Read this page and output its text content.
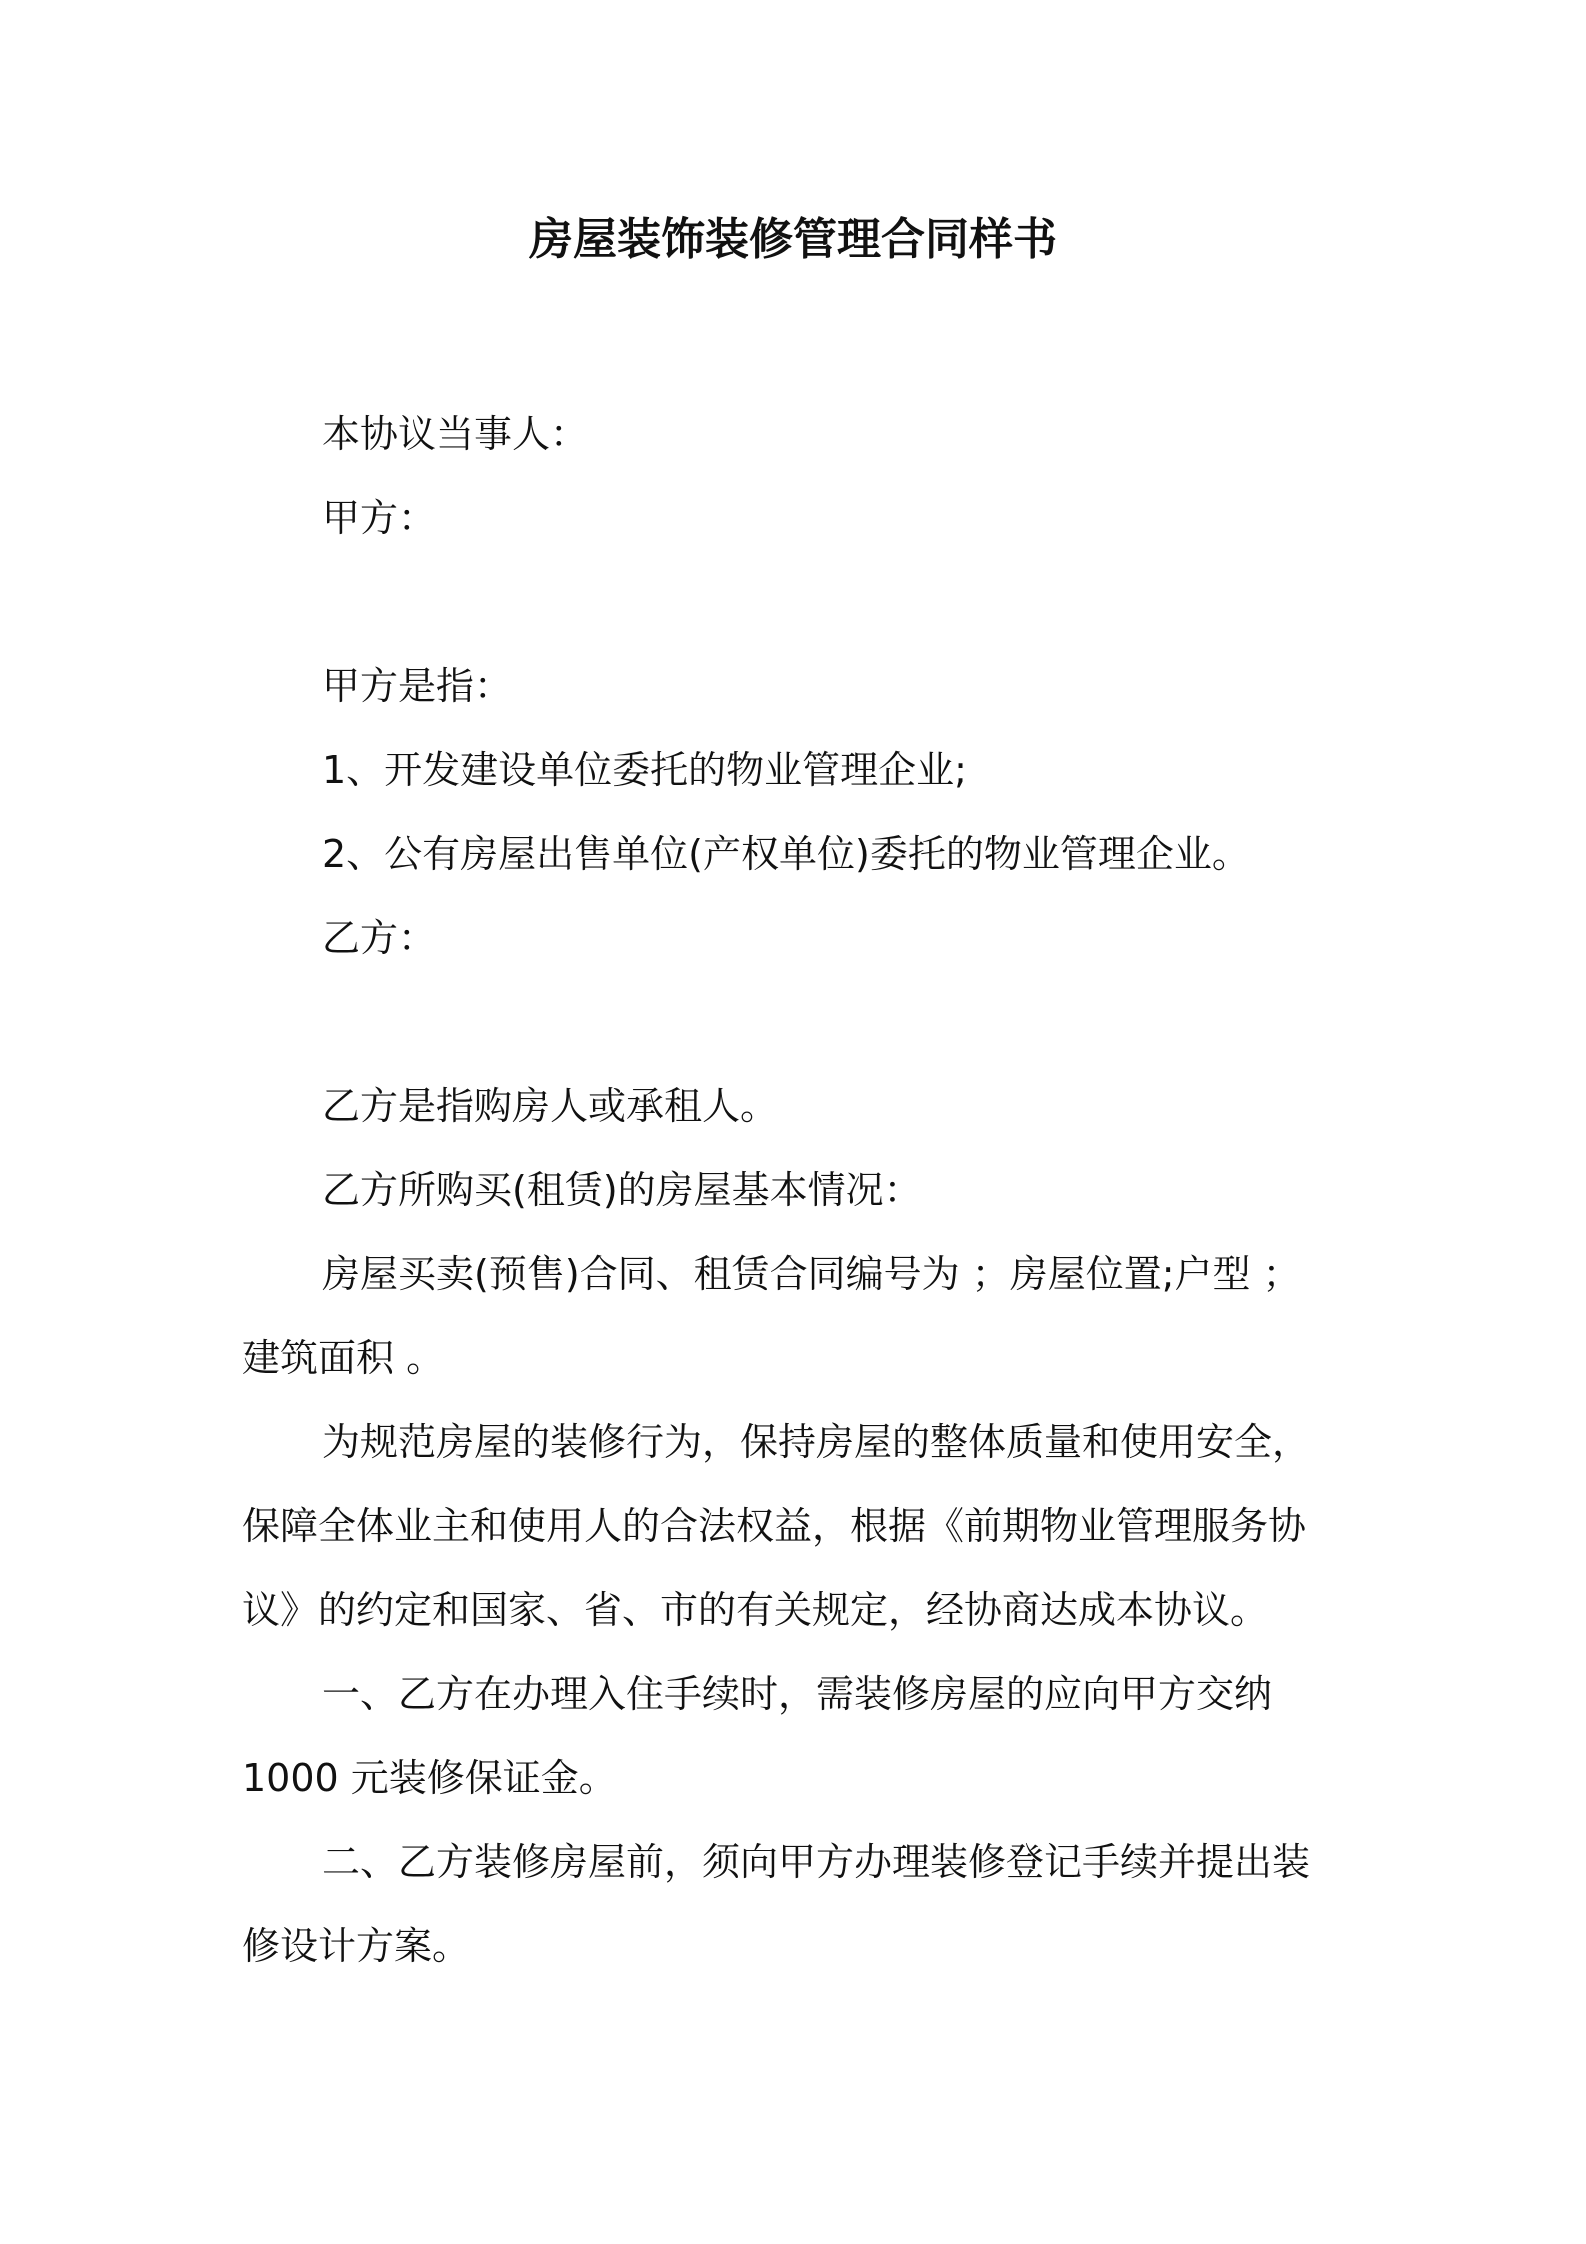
房屋装饰装修管理合同样书
本协议当事人：
甲方：
甲方是指：
1、开发建设单位委托的物业管理企业;
2、公有房屋出售单位(产权单位)委托的物业管理企业。
乙方：
乙方是指购房人或承租人。
乙方所购买(租赁)的房屋基本情况：
房屋买卖(预售)合同、租赁合同编号为 ；房屋位置;户型 ；
建筑面积 。
为规范房屋的装修行为，保持房屋的整体质量和使用安全，
保障全体业主和使用人的合法权益，根据《前期物业管理服务协
议》的约定和国家、省、市的有关规定，经协商达成本协议。
一、乙方在办理入住手续时，需装修房屋的应向甲方交纳
1000 元装修保证金。
二、乙方装修房屋前，须向甲方办理装修登记手续并提出装
修设计方案。
